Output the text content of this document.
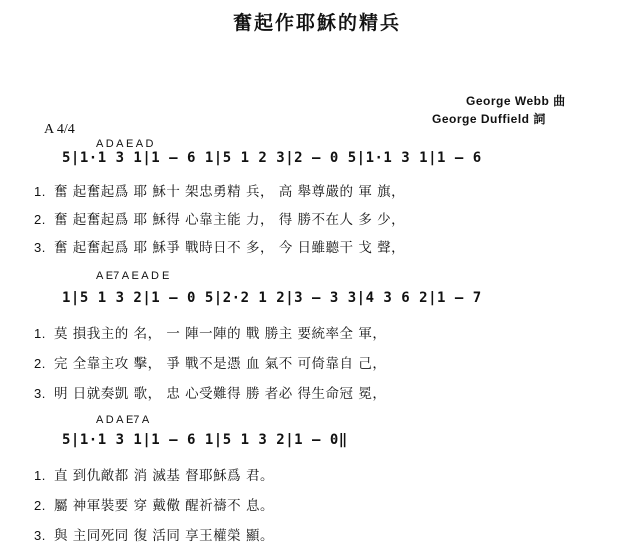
奮起作耶穌的精兵
George Webb 曲
George Duffield 詞
A 4/4
A D A E A D
5|1·1 3 1|1 — 6 1|5 1 2 3|2 — 0 5|1·1 3 1|1 — 6
1. 奮 起奮起爲 耶 穌十 架忠勇精 兵， 高 舉尊嚴的 軍 旗，
2. 奮 起奮起爲 耶 穌得 心靠主能 力， 得 勝不在人 多 少，
3. 奮 起奮起爲 耶 穌爭 戰時日不 多， 今 日雖聽干 戈 聲，
A E7 A E A D E
1|5 1 3 2|1 — 0 5|2·2 1 2|3 — 3 3|4 3 6 2|1 — 7
1. 莫 損我主的 名， 一 陣一陣的 戰 勝主 要統率全 軍，
2. 完 全靠主攻 擊， 爭 戰不是憑 血 氣不 可倚靠自 己，
3. 明 日就奏凱 歌， 忠 心受難得 勝 者必 得生命冠 冕，
A D A E7 A
5|1·1 3 1|1 — 6 1|5 1 3 2|1 — 0‖
1. 直 到仇敵都 消 滅基 督耶穌爲 君。
2. 屬 神軍裝要 穿 戴儆 醒祈禱不 息。
3. 與 主同死同 復 活同 享王權榮 顯。
